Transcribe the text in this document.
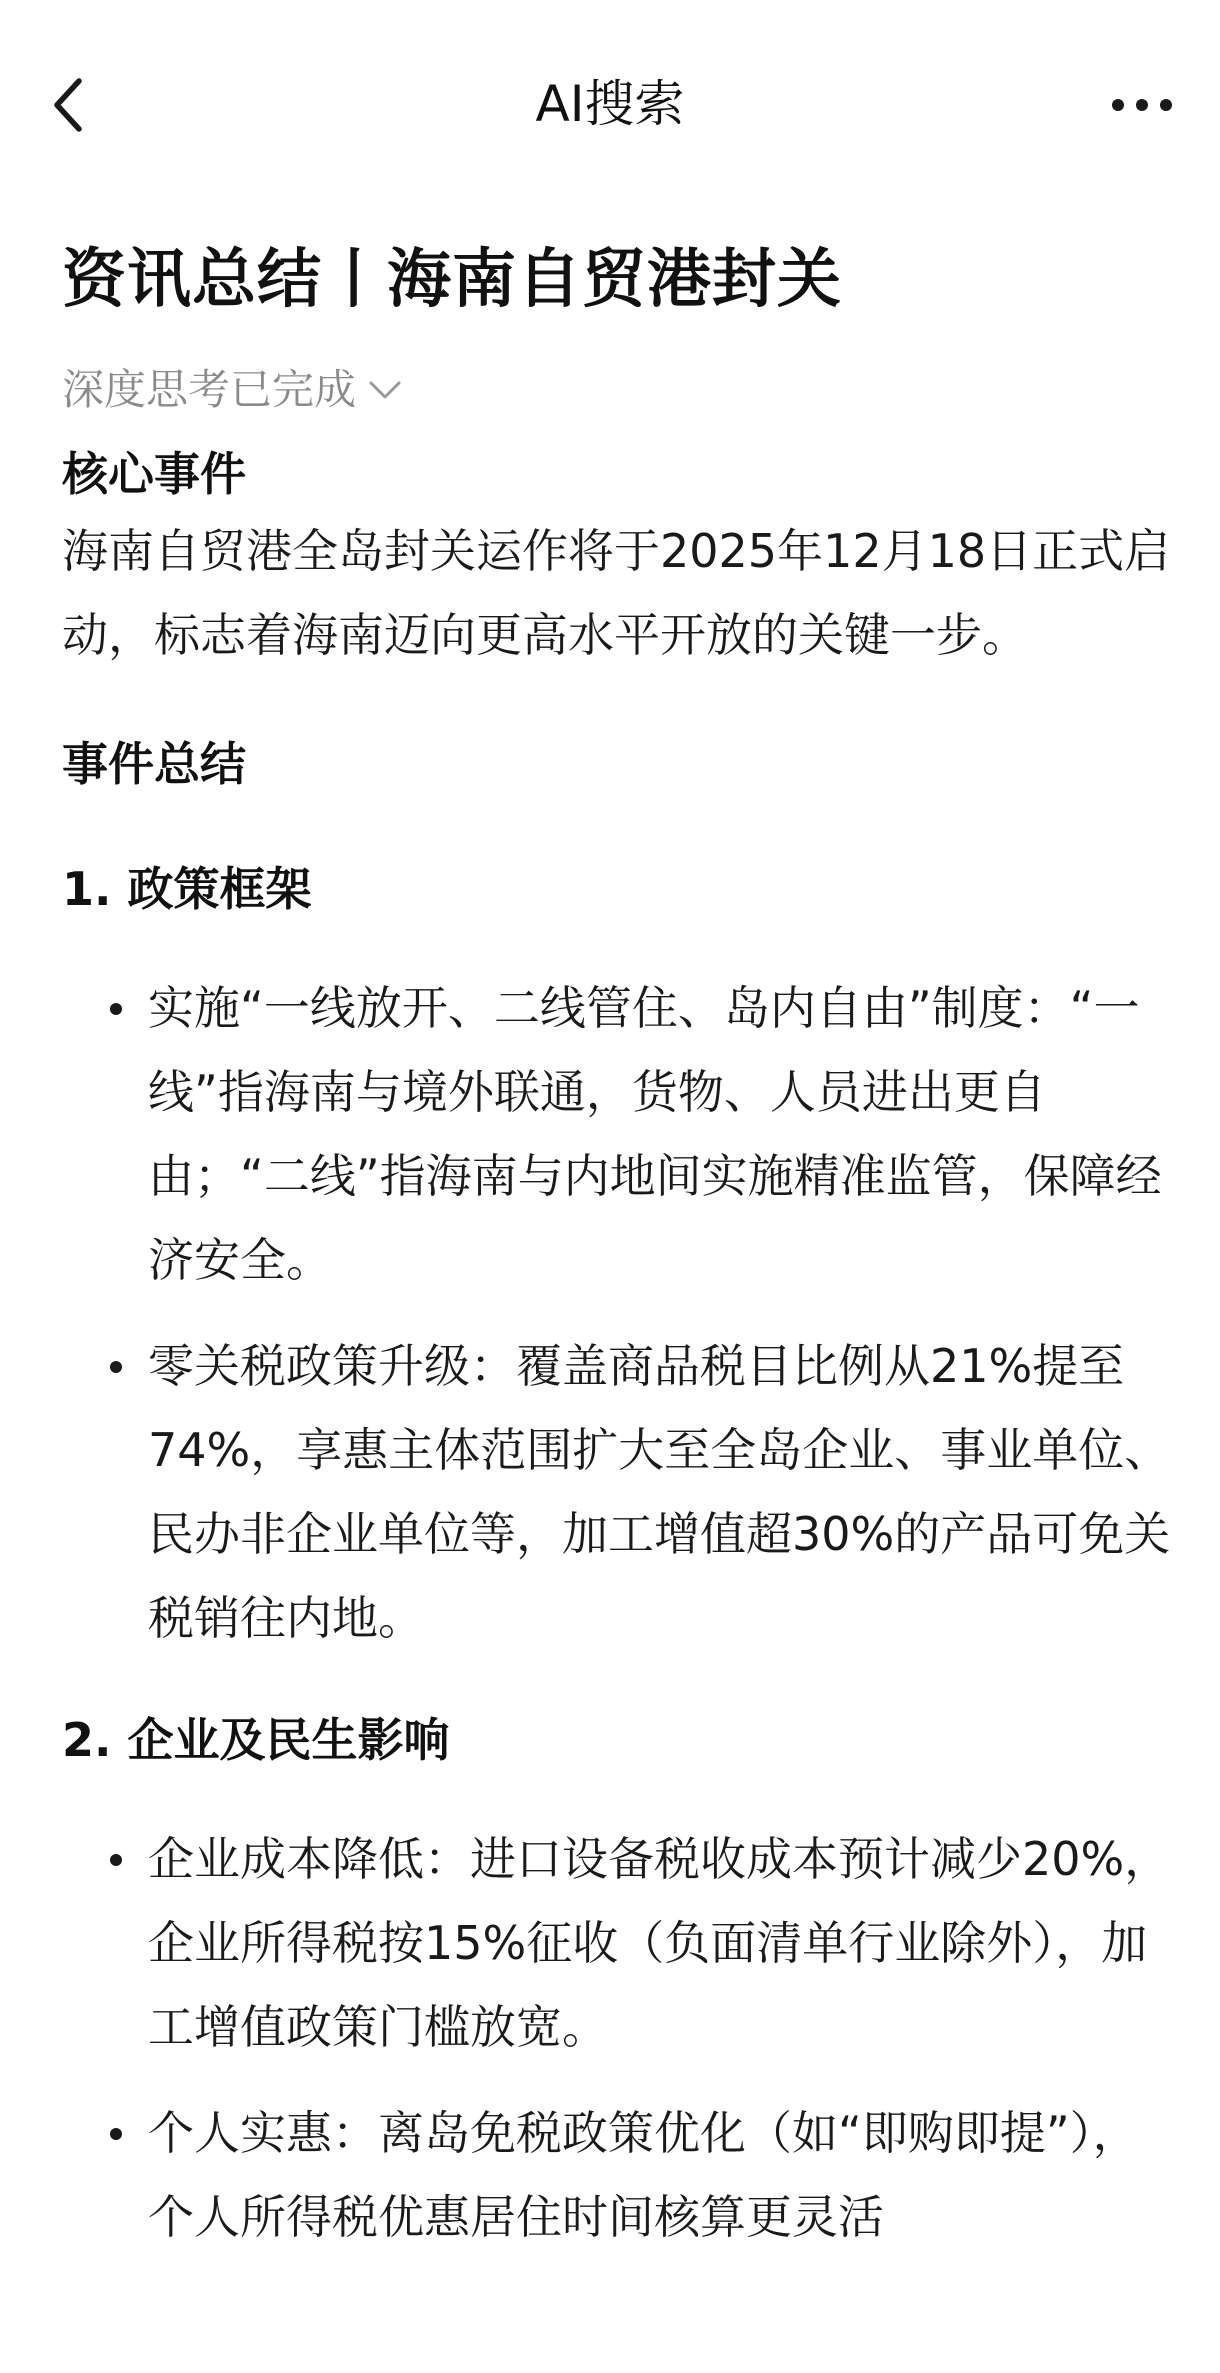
AI搜索
资讯总结丨海南自贸港封关
深度思考已完成
核心事件

海南自贸港全岛封关运作将于2025年12月18日正式启动，标志着海南迈向更高水平开放的关键一步。

事件总结
1. 政策框架
实施“一线放开、二线管住、岛内自由”制度：“一线”指海南与境外联通，货物、人员进出更自由；“二线”指海南与内地间实施精准监管，保障经济安全。
零关税政策升级：覆盖商品税目比例从21%提至74%，享惠主体范围扩大至全岛企业、事业单位、民办非企业单位等，加工增值超30%的产品可免关税销往内地。
2. 企业及民生影响
企业成本降低：进口设备税收成本预计减少20%，企业所得税按15%征收（负面清单行业除外），加工增值政策门槛放宽。
个人实惠：离岛免税政策优化（如“即购即提”），个人所得税优惠居住时间核算更灵活
